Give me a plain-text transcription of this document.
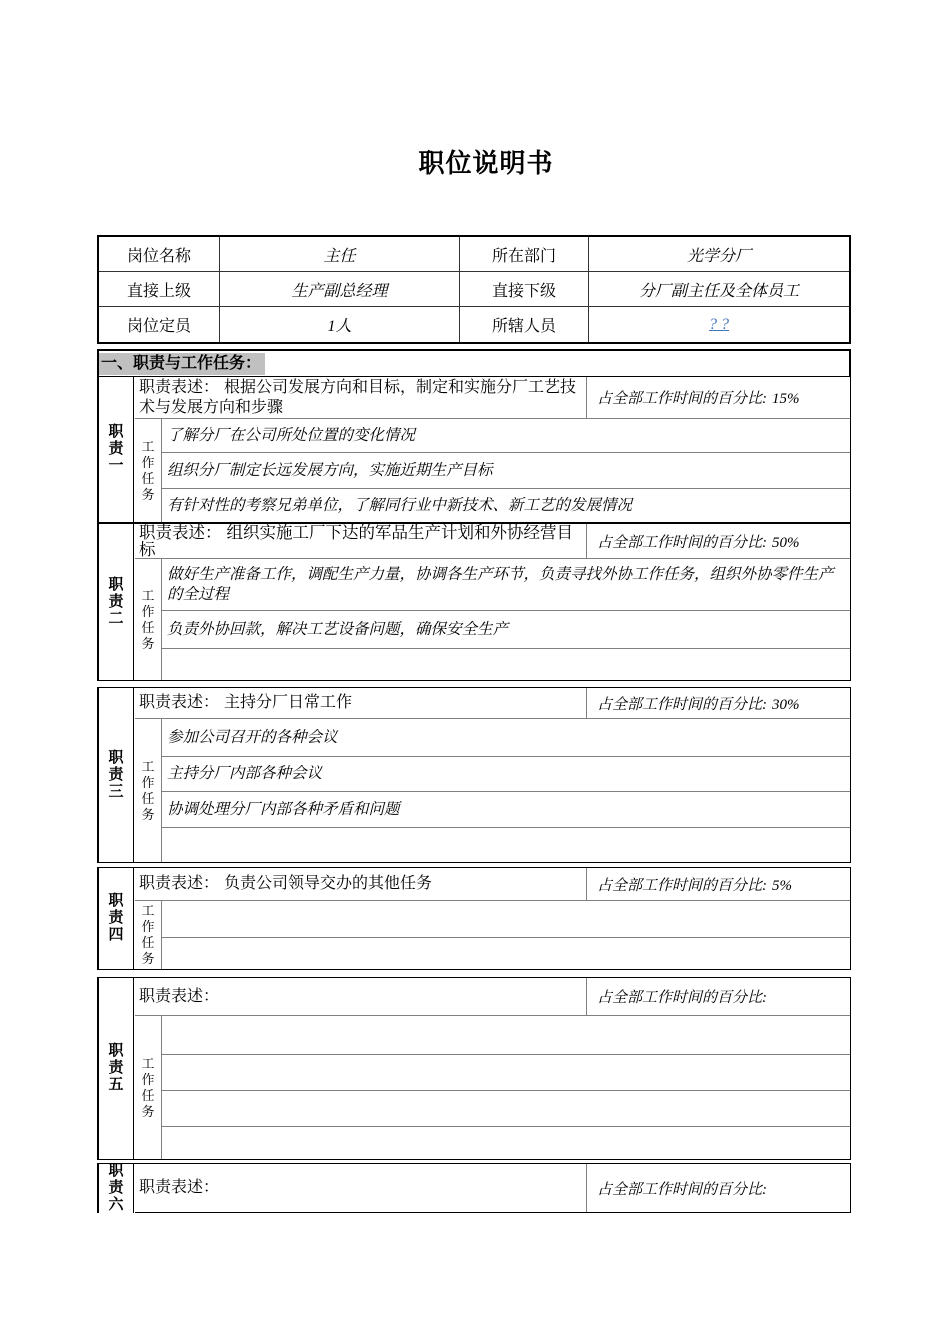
职位说明书
岗位名称	主任	所在部门	光学分厂
直接上级	生产副总经理	直接下级	分厂副主任及全体员工
岗位定员	1人	所辖人员	? ?
一、职责与工作任务：
职责一
职责表述： 根据公司发展方向和目标，制定和实施分厂工艺技术与发展方向和步骤	占全部工作时间的百分比: 15%
工作任务
了解分厂在公司所处位置的变化情况
组织分厂制定长远发展方向，实施近期生产目标
有针对性的考察兄弟单位，了解同行业中新技术、新工艺的发展情况
职责二
职责表述： 组织实施工厂下达的军品生产计划和外协经营目标	占全部工作时间的百分比: 50%
工作任务
做好生产准备工作，调配生产力量，协调各生产环节，负责寻找外协工作任务，组织外协零件生产的全过程
负责外协回款，解决工艺设备问题，确保安全生产
职责三
职责表述： 主持分厂日常工作	占全部工作时间的百分比: 30%
工作任务
参加公司召开的各种会议
主持分厂内部各种会议
协调处理分厂内部各种矛盾和问题
职责四
职责表述： 负责公司领导交办的其他任务	占全部工作时间的百分比: 5%
工作任务
职责五
职责表述：	占全部工作时间的百分比:
工作任务
职责六
职责表述：	占全部工作时间的百分比:
